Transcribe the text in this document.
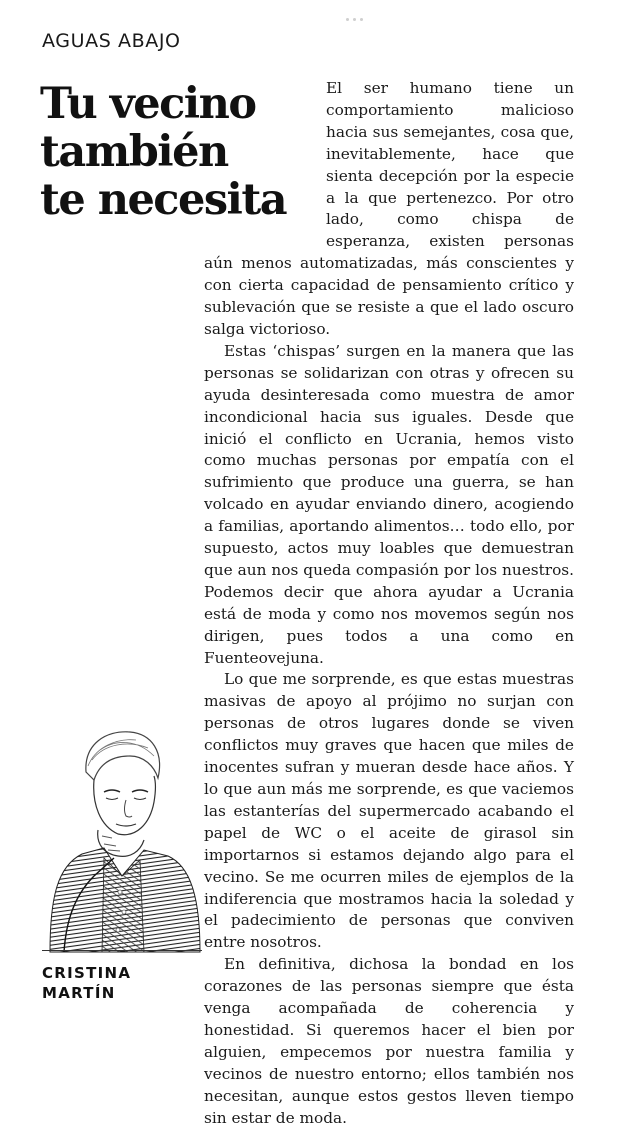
AGUAS ABAJO
Tu vecino
también
te necesita

El ser humano tiene un comportamiento malicioso hacia sus semejantes, cosa que, inevitablemente, hace que sienta decepción por la especie a la que pertenezco. Por otro lado, como chispa de esperanza, existen personas aún menos automatizadas, más conscientes y con cierta capacidad de pensamiento crítico y sublevación que se resiste a que el lado oscuro salga victorioso.

Estas ‘chispas’ surgen en la manera que las personas se solidarizan con otras y ofrecen su ayuda desinteresada como muestra de amor incondicional hacia sus iguales. Desde que inició el conflicto en Ucrania, hemos visto como muchas personas por empatía con el sufrimiento que produce una guerra, se han volcado en ayudar enviando dinero, acogiendo a familias, aportando alimentos… todo ello, por supuesto, actos muy loables que demuestran que aun nos queda compasión por los nuestros. Podemos decir que ahora ayudar a Ucrania está de moda y como nos movemos según nos dirigen, pues todos a una como en Fuenteovejuna.

Lo que me sorprende, es que estas muestras masivas de apoyo al prójimo no surjan con personas de otros lugares donde se viven conflictos muy graves que hacen que miles de inocentes sufran y mueran desde hace años. Y lo que aun más me sorprende, es que vaciemos las estanterías del supermercado acabando el papel de WC o el aceite de girasol sin importarnos si estamos dejando algo para el vecino. Se me ocurren miles de ejemplos de la indiferencia que mostramos hacia la soledad y el padecimiento de personas que conviven entre nosotros.

En definitiva, dichosa la bondad en los corazones de las personas siempre que ésta venga acompañada de coherencia y honestidad. Si queremos hacer el bien por alguien, empecemos por nuestra familia y vecinos de nuestro entorno; ellos también nos necesitan, aunque estos gestos lleven tiempo sin estar de moda.

CRISTINA
MARTÍN
